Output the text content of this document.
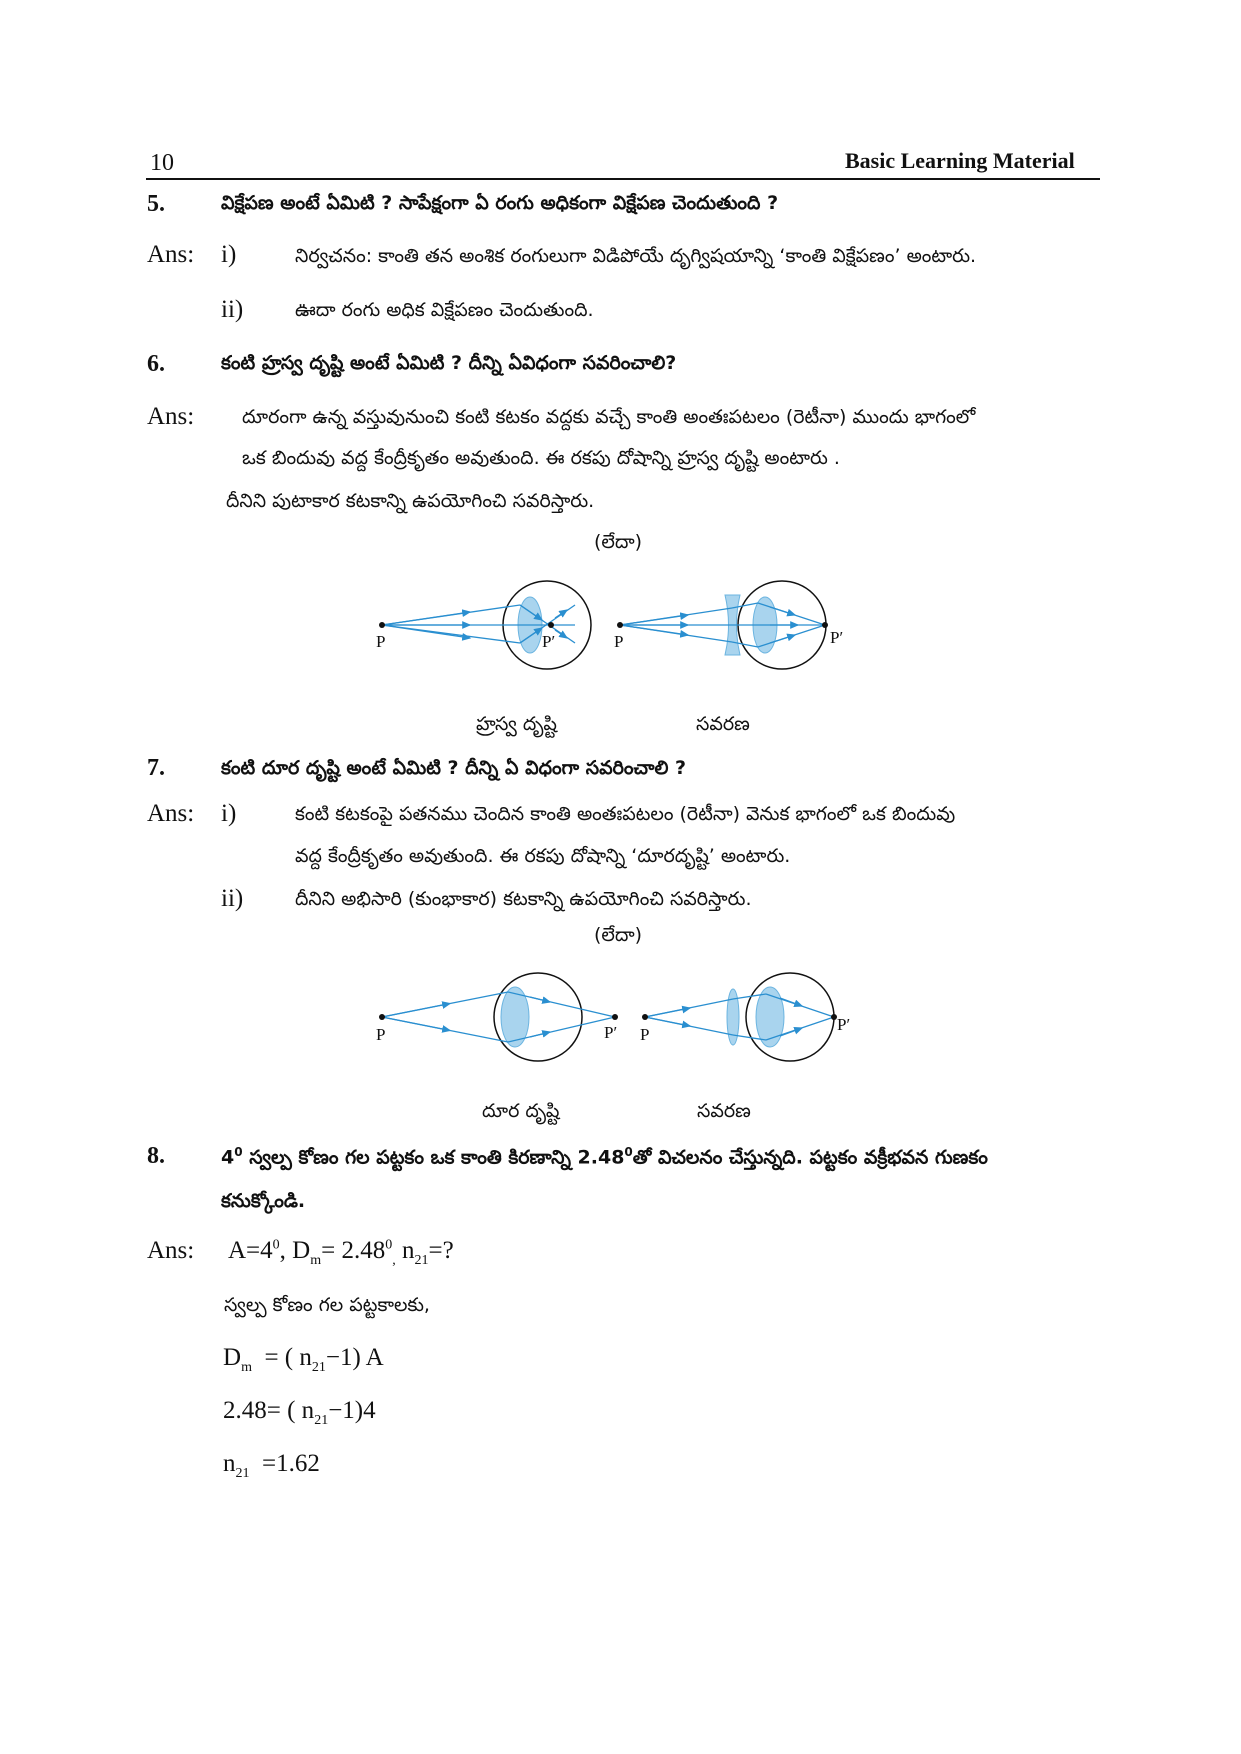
10	Basic Learning Material
5.	విక్షేపణ అంటే ఏమిటి ? సాపేక్షంగా ఏ రంగు అధికంగా విక్షేపణ చెందుతుంది ?
Ans: i)	నిర్వచనం: కాంతి తన అంశిక రంగులుగా విడిపోయే దృగ్విషయాన్ని ‘కాంతి విక్షేపణం’ అంటారు.
ii)	ఊదా రంగు అధిక విక్షేపణం చెందుతుంది.
6.	కంటి హ్రస్వ దృష్టి అంటే ఏమిటి ? దీన్ని ఏవిధంగా సవరించాలి?
Ans:	దూరంగా ఉన్న వస్తువునుంచి కంటి కటకం వద్దకు వచ్చే కాంతి అంతఃపటలం (రెటీనా) ముందు భాగంలో
ఒక బిందువు వద్ద కేంద్రీకృతం అవుతుంది. ఈ రకపు దోషాన్ని హ్రస్వ దృష్టి అంటారు .
దీనిని పుటాకార కటకాన్ని ఉపయోగించి సవరిస్తారు.
(లేదా)
P	P′	P	P′
హ్రస్వ దృష్టి	సవరణ
7.	కంటి దూర దృష్టి అంటే ఏమిటి ? దీన్ని ఏ విధంగా సవరించాలి ?
Ans: i)	కంటి కటకంపై పతనము చెందిన కాంతి అంతఃపటలం (రెటీనా) వెనుక భాగంలో ఒక బిందువు
వద్ద కేంద్రీకృతం అవుతుంది. ఈ రకపు దోషాన్ని ‘దూరదృష్టి’ అంటారు.
ii)	దీనిని అభిసారి (కుంభాకార) కటకాన్ని ఉపయోగించి సవరిస్తారు.
(లేదా)
P	P′ P
P′
దూర దృష్టి	సవరణ
8.	$4^0$ స్వల్ప కోణం గల పట్టకం ఒక కాంతి కిరణాన్ని 2.48$^0$తో విచలనం చేస్తున్నది. పట్టకం వక్రీభవన గుణకం
కనుక్కోండి.
Ans: $A=4^0$, $D_m= 2.48^0_,$ $n_{21}=$?
స్వల్ప కోణం గల పట్టకాలకు,
$D_m$  = ( $n_{21}-1$) A
2.48= ( $n_{21}-1)4$
$n_{21} =1.62$
